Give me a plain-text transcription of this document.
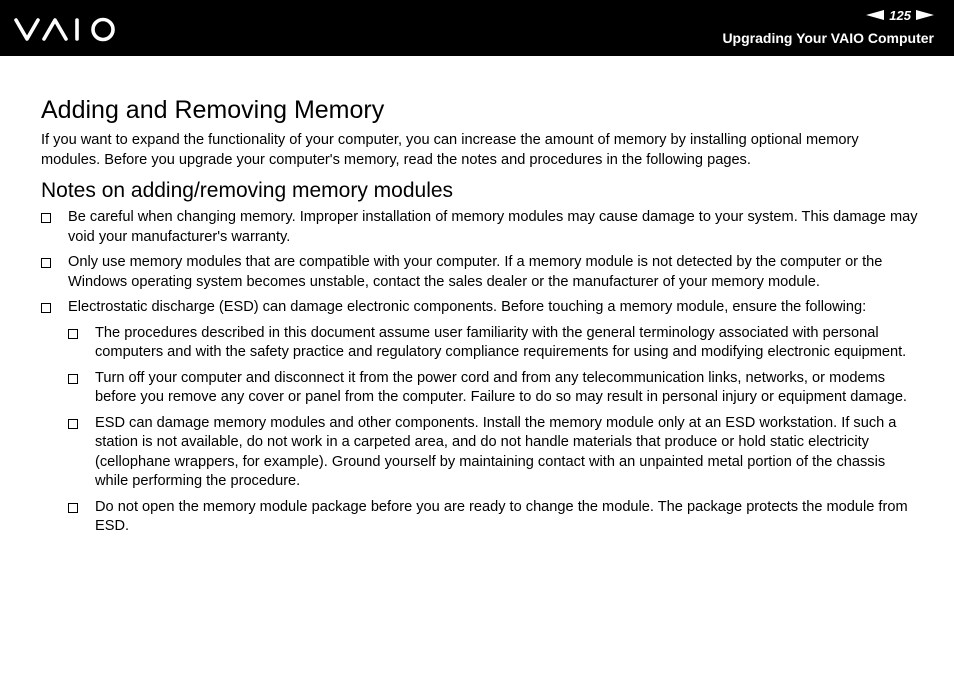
125
Upgrading Your VAIO Computer
Adding and Removing Memory

If you want to expand the functionality of your computer, you can increase the amount of memory by installing optional memory modules. Before you upgrade your computer's memory, read the notes and procedures in the following pages.

Notes on adding/removing memory modules
Be careful when changing memory. Improper installation of memory modules may cause damage to your system. This damage may void your manufacturer's warranty.
Only use memory modules that are compatible with your computer. If a memory module is not detected by the computer or the Windows operating system becomes unstable, contact the sales dealer or the manufacturer of your memory module.
Electrostatic discharge (ESD) can damage electronic components. Before touching a memory module, ensure the following:
The procedures described in this document assume user familiarity with the general terminology associated with personal computers and with the safety practice and regulatory compliance requirements for using and modifying electronic equipment.
Turn off your computer and disconnect it from the power cord and from any telecommunication links, networks, or modems before you remove any cover or panel from the computer. Failure to do so may result in personal injury or equipment damage.
ESD can damage memory modules and other components. Install the memory module only at an ESD workstation. If such a station is not available, do not work in a carpeted area, and do not handle materials that produce or hold static electricity (cellophane wrappers, for example). Ground yourself by maintaining contact with an unpainted metal portion of the chassis while performing the procedure.
Do not open the memory module package before you are ready to change the module. The package protects the module from ESD.
